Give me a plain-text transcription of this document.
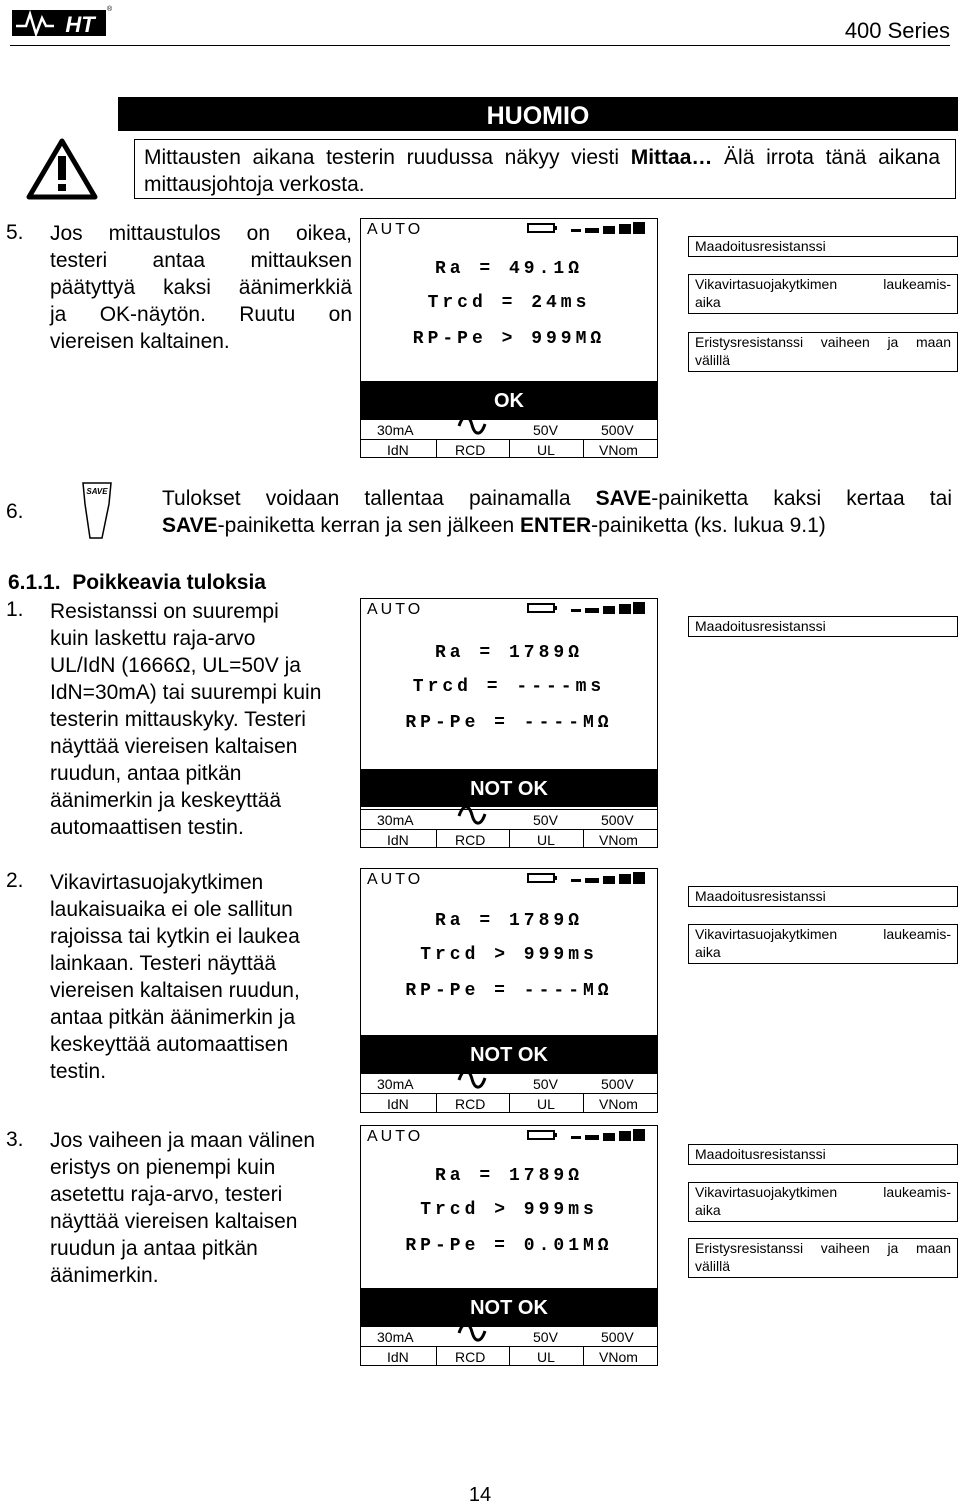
HT
®
400 Series
HUOMIO
Mittausten aikana testerin ruudussa näkyy viesti Mittaa… Älä irrota tänä aikana mittausjohtoja verkosta.
5. Jos mittaustulos on oikea,
testeri antaa mittauksen
päätyttyä kaksi äänimerkkiä
ja OK-näytön. Ruutu on
viereisen kaltainen.
AUTO
Ra = 49.1Ω
Trcd = 24ms
RP-Pe > 999MΩ
OK
30mA	50V	500V
IdN	RCD	UL	VNom
Maadoitusresistanssi
Vikavirtasuojakytkimen	laukeamis-
aika
Eristysresistanssi vaiheen ja maan
välillä
6.
SAVE	Tulokset voidaan tallentaa painamalla SAVE-painiketta kaksi kertaa tai
SAVE-painiketta kerran ja sen jälkeen ENTER-painiketta (ks. lukua 9.1)
6.1.1. Poikkeavia tuloksia
1. Resistanssi on suurempi
kuin laskettu raja-arvo
UL/IdN (1666Ω, UL=50V ja
IdN=30mA) tai suurempi kuin
testerin mittauskyky. Testeri
näyttää viereisen kaltaisen
ruudun, antaa pitkän
äänimerkin ja keskeyttää
automaattisen testin.
AUTO
Ra = 1789Ω
Trcd = ----ms
RP-Pe = ----MΩ
NOT OK
30mA	50V	500V
IdN	RCD	UL	VNom
Maadoitusresistanssi
2. Vikavirtasuojakytkimen
laukaisuaika ei ole sallitun
rajoissa tai kytkin ei laukea
lainkaan. Testeri näyttää
viereisen kaltaisen ruudun,
antaa pitkän äänimerkin ja
keskeyttää automaattisen
testin.
AUTO
Ra = 1789Ω
Trcd > 999ms
RP-Pe = ----MΩ
NOT OK
30mA	50V	500V
IdN	RCD	UL	VNom
Maadoitusresistanssi
Vikavirtasuojakytkimen	laukeamis-
aika
3. Jos vaiheen ja maan välinen
eristys on pienempi kuin
asetettu raja-arvo, testeri
näyttää viereisen kaltaisen
ruudun ja antaa pitkän
äänimerkin.
AUTO
Ra = 1789Ω
Trcd > 999ms
RP-Pe = 0.01MΩ
NOT OK
30mA	50V	500V
IdN	RCD	UL	VNom
Maadoitusresistanssi
Vikavirtasuojakytkimen	laukeamis-
aika
Eristysresistanssi vaiheen ja maan
välillä
14
